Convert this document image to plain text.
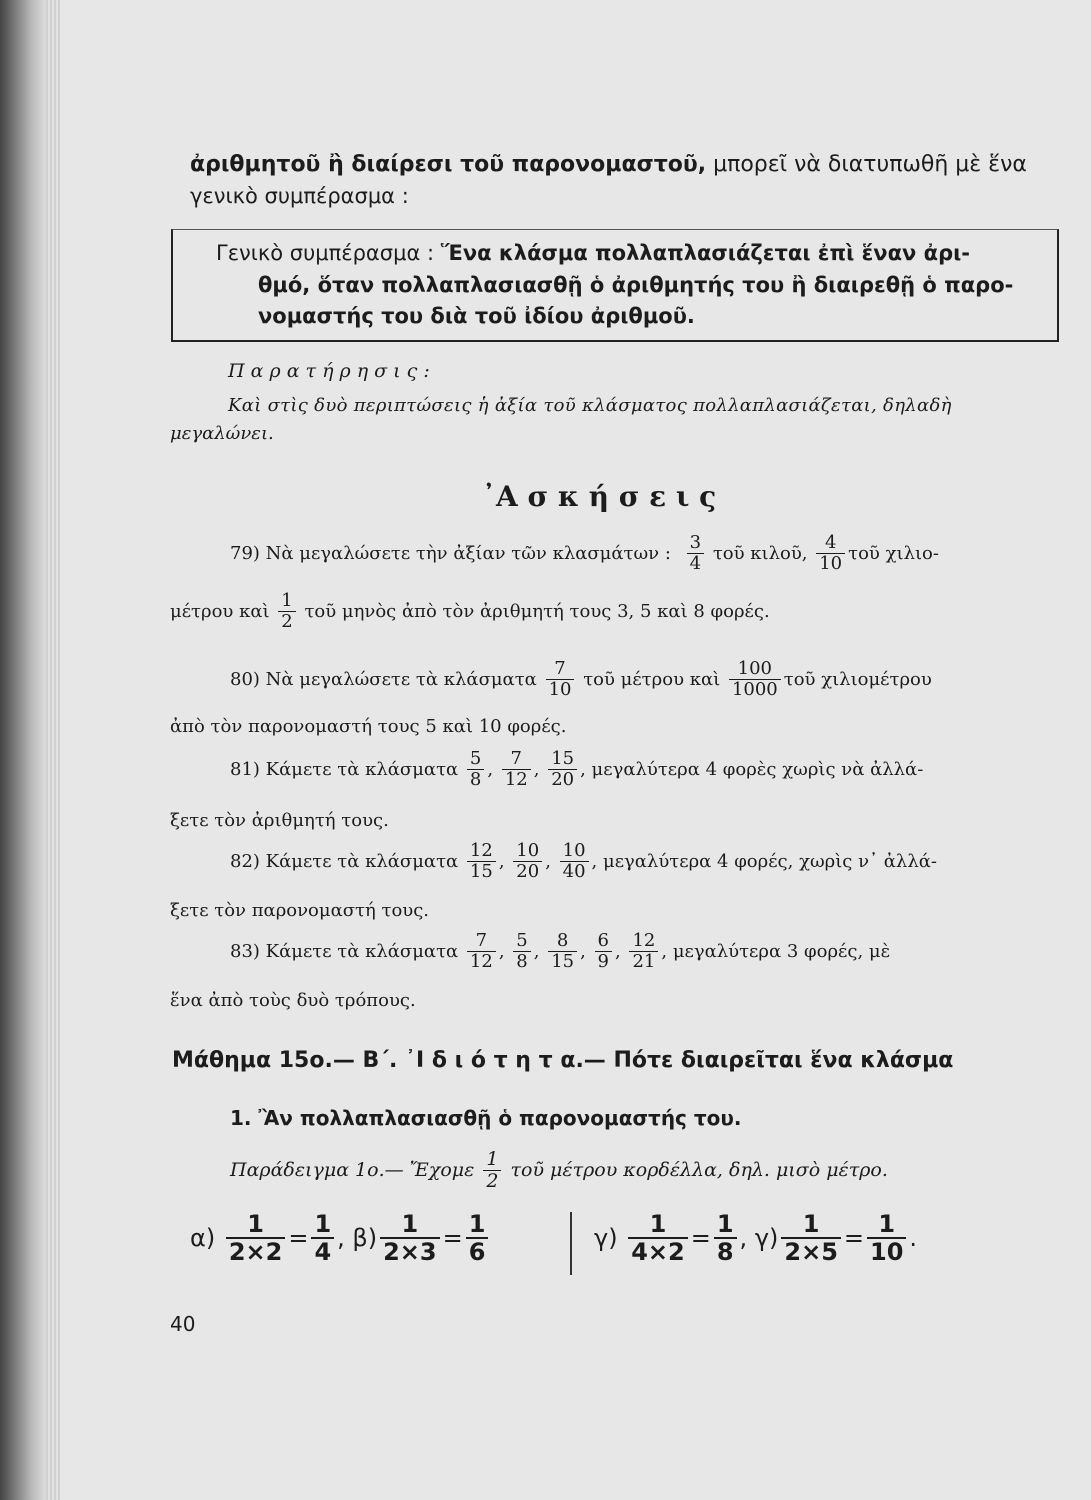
ἀριθμητοῦ ἢ διαίρεσι τοῦ παρονομαστοῦ, μπορεῖ νὰ διατυπωθῆ μὲ ἕνα
γενικὸ συμπέρασμα :
Γενικὸ συμπέρασμα : Ἕνα κλάσμα πολλαπλασιάζεται ἐπὶ ἕναν ἀρι-
θμό, ὅταν πολλαπλασιασθῇ ὁ ἀριθμητής του ἢ διαιρεθῇ ὁ παρο-
νομαστής του διὰ τοῦ ἰδίου ἀριθμοῦ.
Π α ρ α τ ή ρ η σ ι ς :
Καὶ στὶς δυὸ περιπτώσεις ἡ ἀξία τοῦ κλάσματος πολλαπλασιάζεται, δηλαδὴ
μεγαλώνει.
᾿Α σ κ ή σ ε ι ς
79) Νὰ μεγαλώσετε τὴν ἀξίαν τῶν κλασμάτων : $\frac{3}{4}$ τοῦ κιλοῦ, $\frac{4}{10}$ τοῦ χιλιο-
μέτρου καὶ $\frac{1}{2}$ τοῦ μηνὸς ἀπὸ τὸν ἀριθμητή τους 3, 5 καὶ 8 φορές.
80) Νὰ μεγαλώσετε τὰ κλάσματα $\frac{7}{10}$ τοῦ μέτρου καὶ $\frac{100}{1000}$ τοῦ χιλιομέτρου
ἀπὸ τὸν παρονομαστή τους 5 καὶ 10 φορές.
81) Κάμετε τὰ κλάσματα $\frac{5}{8}$ , $\frac{7}{12}$ , $\frac{15}{20}$ , μεγαλύτερα 4 φορὲς χωρὶς νὰ ἀλλά-
ξετε τὸν ἀριθμητή τους.
82) Κάμετε τὰ κλάσματα $\frac{12}{15}$ , $\frac{10}{20}$ , $\frac{10}{40}$ , μεγαλύτερα 4 φορές, χωρὶς ν᾿ ἀλλά-
ξετε τὸν παρονομαστή τους.
83) Κάμετε τὰ κλάσματα $\frac{7}{12}$ , $\frac{5}{8}$ , $\frac{8}{15}$ , $\frac{6}{9}$ , $\frac{12}{21}$ , μεγαλύτερα 3 φορές, μὲ
ἕνα ἀπὸ τοὺς δυὸ τρόπους.
Μάθημα 15ο.— Β΄. ᾿Ι δ ι ό τ η τ α.— Πότε διαιρεῖται ἕνα κλάσμα
1. Ἂν πολλαπλασιασθῇ ὁ παρονομαστής του.
Παράδειγμα 1ο.— Ἔχομε $\frac{1}{2}$ τοῦ μέτρου κορδέλλα, δηλ. μισὸ μέτρο.
$\alpha) \frac{1}{2\times 2} = \frac{1}{4}$ , $\beta) \frac{1}{2\times 3} = \frac{1}{6}$	$\gamma) \frac{1}{4\times 2} = \frac{1}{8}$ , $\gamma) \frac{1}{2\times 5} = \frac{1}{10}$ .
40
